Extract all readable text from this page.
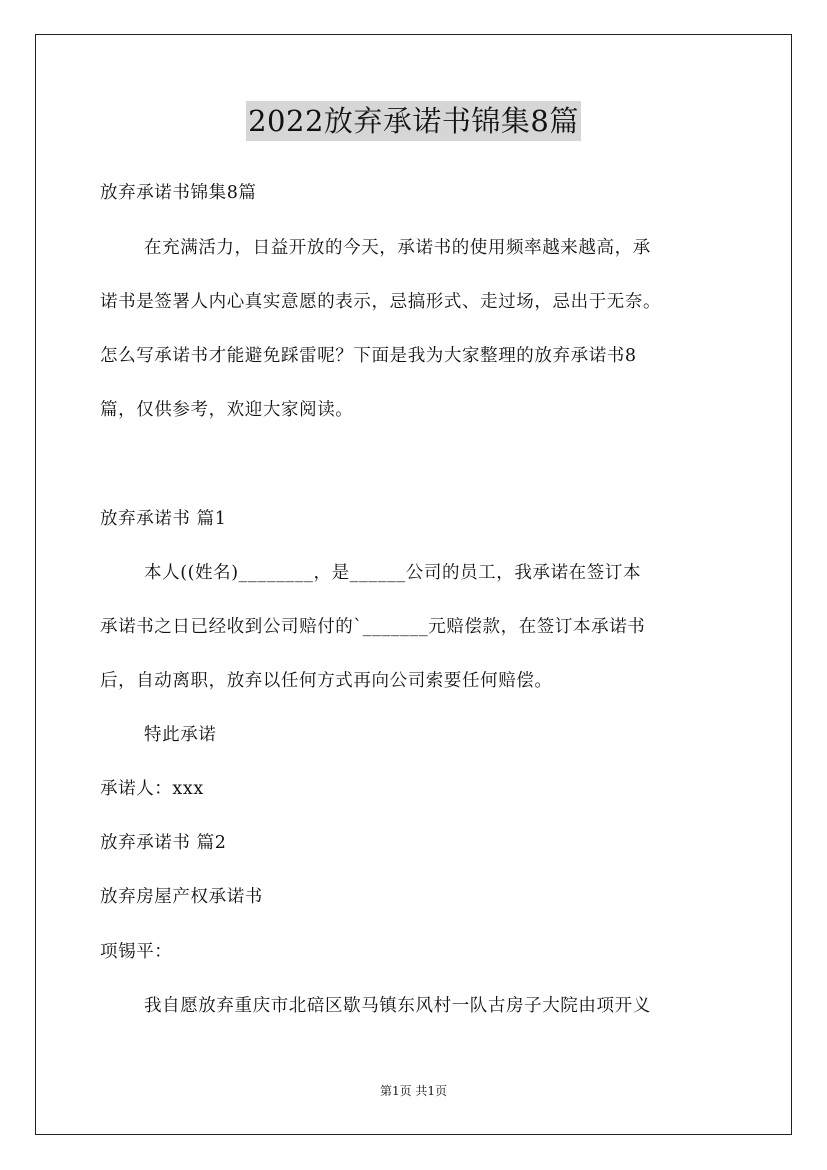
2022放弃承诺书锦集8篇
放弃承诺书锦集8篇
在充满活力，日益开放的今天，承诺书的使用频率越来越高，承
诺书是签署人内心真实意愿的表示，忌搞形式、走过场，忌出于无奈。
怎么写承诺书才能避免踩雷呢？下面是我为大家整理的放弃承诺书8
篇，仅供参考，欢迎大家阅读。
放弃承诺书 篇1
本人((姓名)________，是______公司的员工，我承诺在签订本
承诺书之日已经收到公司赔付的`_______元赔偿款，在签订本承诺书
后，自动离职，放弃以任何方式再向公司索要任何赔偿。
特此承诺
承诺人：xxx
放弃承诺书 篇2
放弃房屋产权承诺书
项锡平：
我自愿放弃重庆市北碚区歇马镇东风村一队古房子大院由项开义
第1页 共1页
